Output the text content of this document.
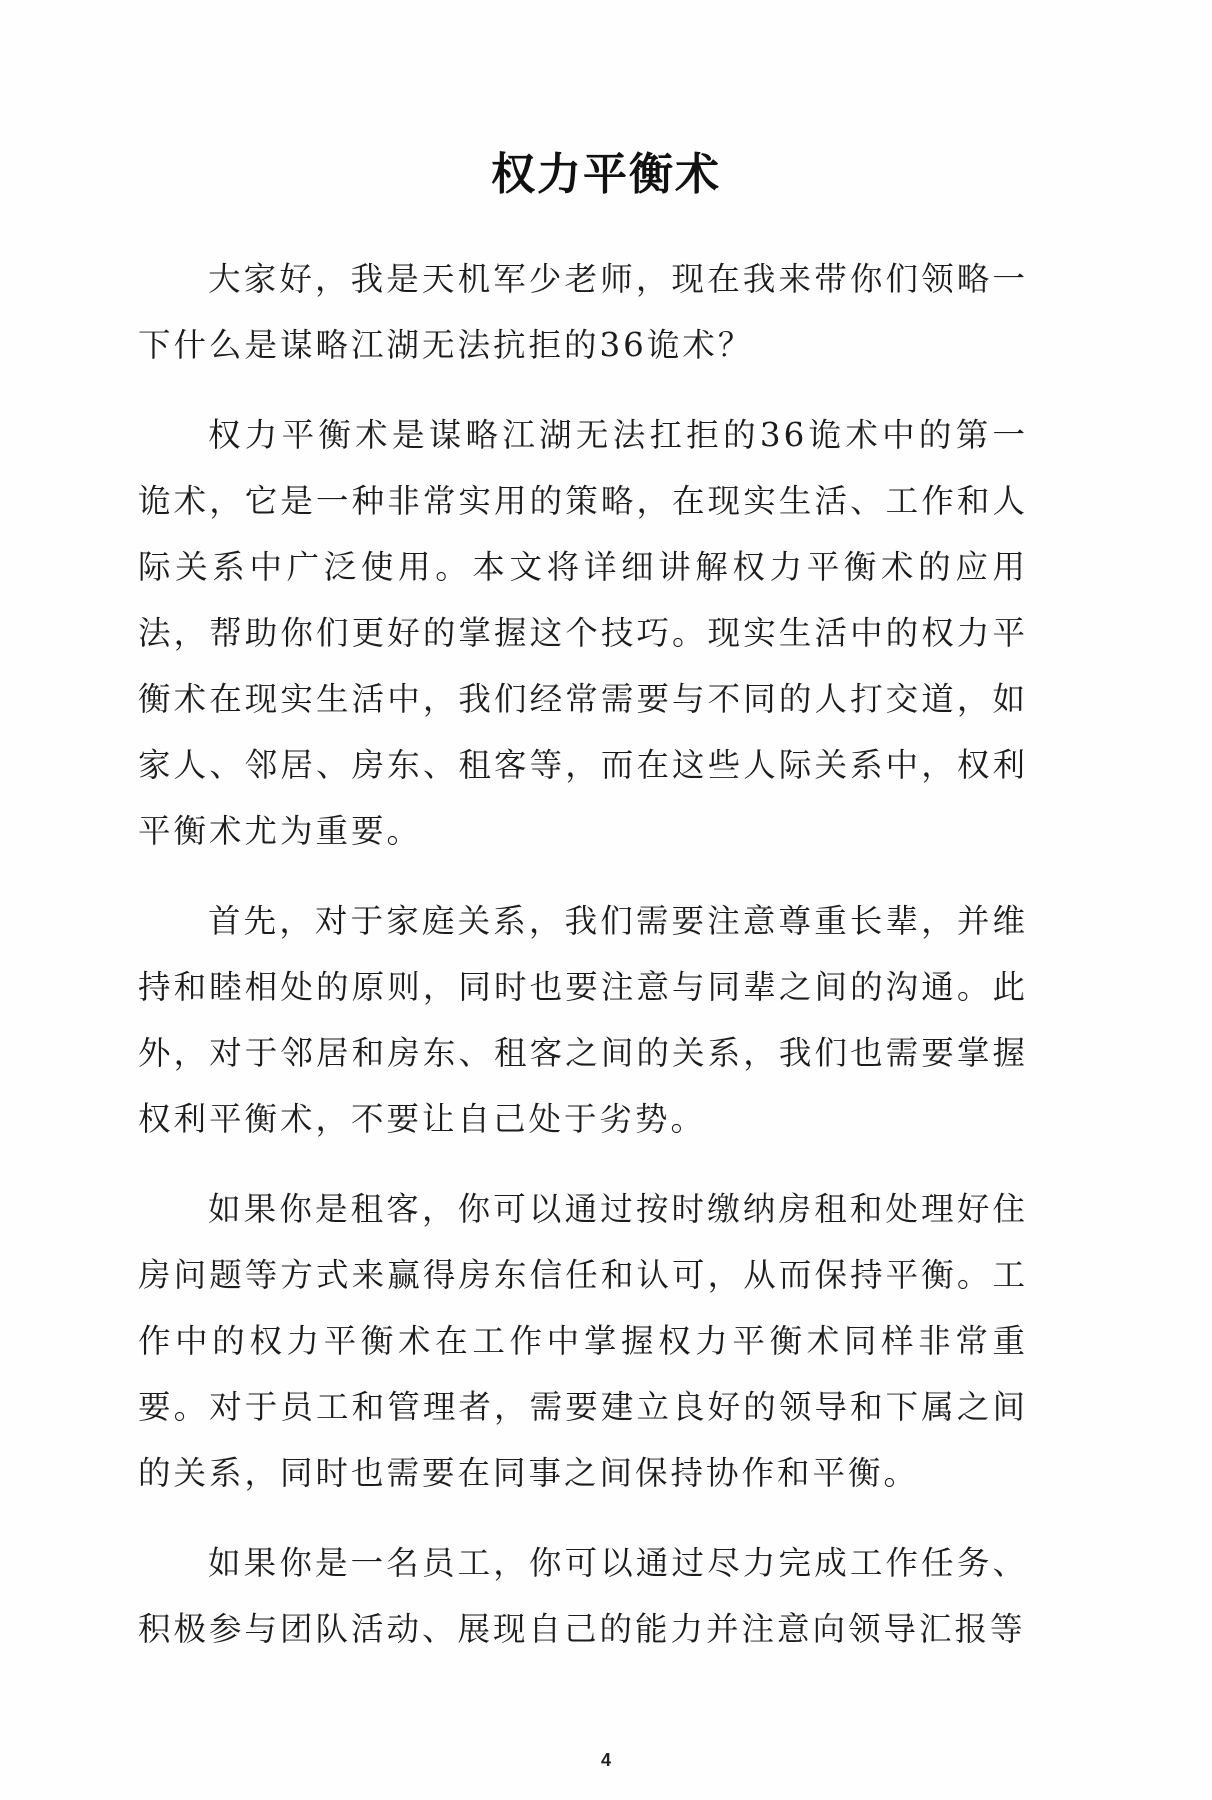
权力平衡术

大家好，我是天机军少老师，现在我来带你们领略一下什么是谋略江湖无法抗拒的36诡术？

权力平衡术是谋略江湖无法扛拒的36诡术中的第一诡术，它是一种非常实用的策略，在现实生活、工作和人际关系中广泛使用。本文将详细讲解权力平衡术的应用法，帮助你们更好的掌握这个技巧。现实生活中的权力平衡术在现实生活中，我们经常需要与不同的人打交道，如家人、邻居、房东、租客等，而在这些人际关系中，权利平衡术尤为重要。

首先，对于家庭关系，我们需要注意尊重长辈，并维持和睦相处的原则，同时也要注意与同辈之间的沟通。此外，对于邻居和房东、租客之间的关系，我们也需要掌握权利平衡术，不要让自己处于劣势。

如果你是租客，你可以通过按时缴纳房租和处理好住房问题等方式来赢得房东信任和认可，从而保持平衡。工作中的权力平衡术在工作中掌握权力平衡术同样非常重要。对于员工和管理者，需要建立良好的领导和下属之间的关系，同时也需要在同事之间保持协作和平衡。

如果你是一名员工，你可以通过尽力完成工作任务、积极参与团队活动、展现自己的能力并注意向领导汇报等

4
